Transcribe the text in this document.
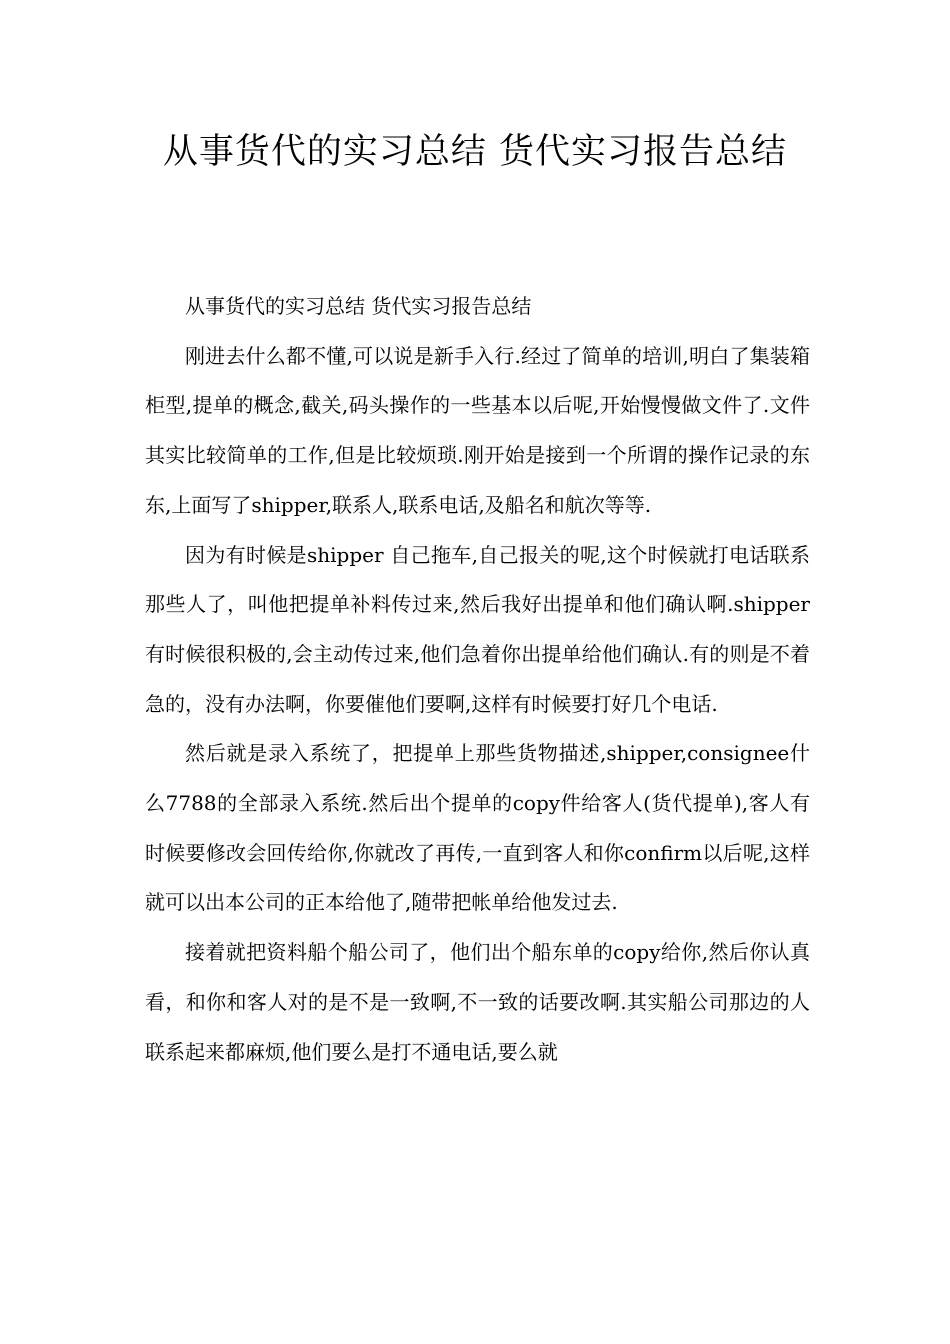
从事货代的实习总结 货代实习报告总结

从事货代的实习总结 货代实习报告总结

刚进去什么都不懂,可以说是新手入行.经过了简单的培训,明白了集装箱柜型,提单的概念,截关,码头操作的一些基本以后呢,开始慢慢做文件了.文件其实比较简单的工作,但是比较烦琐.刚开始是接到一个所谓的操作记录的东东,上面写了shipper,联系人,联系电话,及船名和航次等等.

因为有时候是shipper 自己拖车,自己报关的呢,这个时候就打电话联系那些人了，叫他把提单补料传过来,然后我好出提单和他们确认啊.shipper有时候很积极的,会主动传过来,他们急着你出提单给他们确认.有的则是不着急的，没有办法啊，你要催他们要啊,这样有时候要打好几个电话.

然后就是录入系统了，把提单上那些货物描述,shipper,consignee什么7788的全部录入系统.然后出个提单的copy件给客人(货代提单),客人有时候要修改会回传给你,你就改了再传,一直到客人和你confirm以后呢,这样就可以出本公司的正本给他了,随带把帐单给他发过去.

接着就把资料船个船公司了，他们出个船东单的copy给你,然后你认真看，和你和客人对的是不是一致啊,不一致的话要改啊.其实船公司那边的人联系起来都麻烦,他们要么是打不通电话,要么就
